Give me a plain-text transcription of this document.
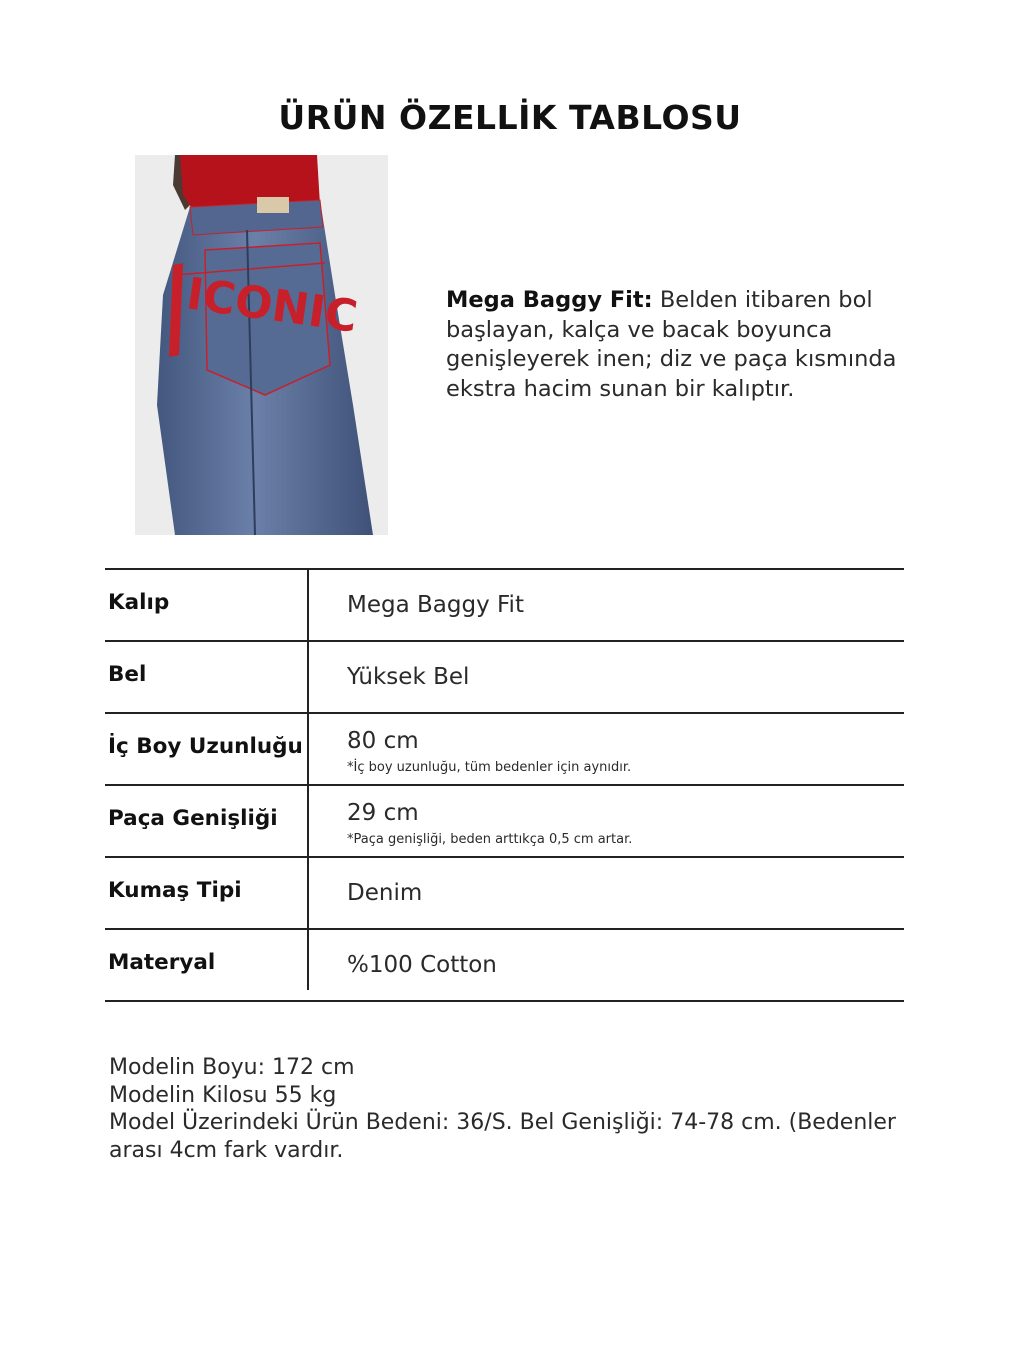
ÜRÜN ÖZELLİK TABLOSU
ICONIC	Mega Baggy Fit: Belden itibaren bol başlayan, kalça ve bacak boyunca genişleyerek inen; diz ve paça kısmında ekstra hacim sunan bir kalıptır.
Kalıp	Mega Baggy Fit
Bel	Yüksek Bel
İç Boy Uzunluğu 80 cm
*İç boy uzunluğu, tüm bedenler için aynıdır.
Paça Genişliği	29 cm
*Paça genişliği, beden arttıkça 0,5 cm artar.
Kumaş Tipi	Denim
Materyal	%100 Cotton
Modelin Boyu: 172 cm
Modelin Kilosu 55 kg
Model Üzerindeki Ürün Bedeni: 36/S. Bel Genişliği: 74-78 cm. (Bedenler arası 4cm fark vardır.
